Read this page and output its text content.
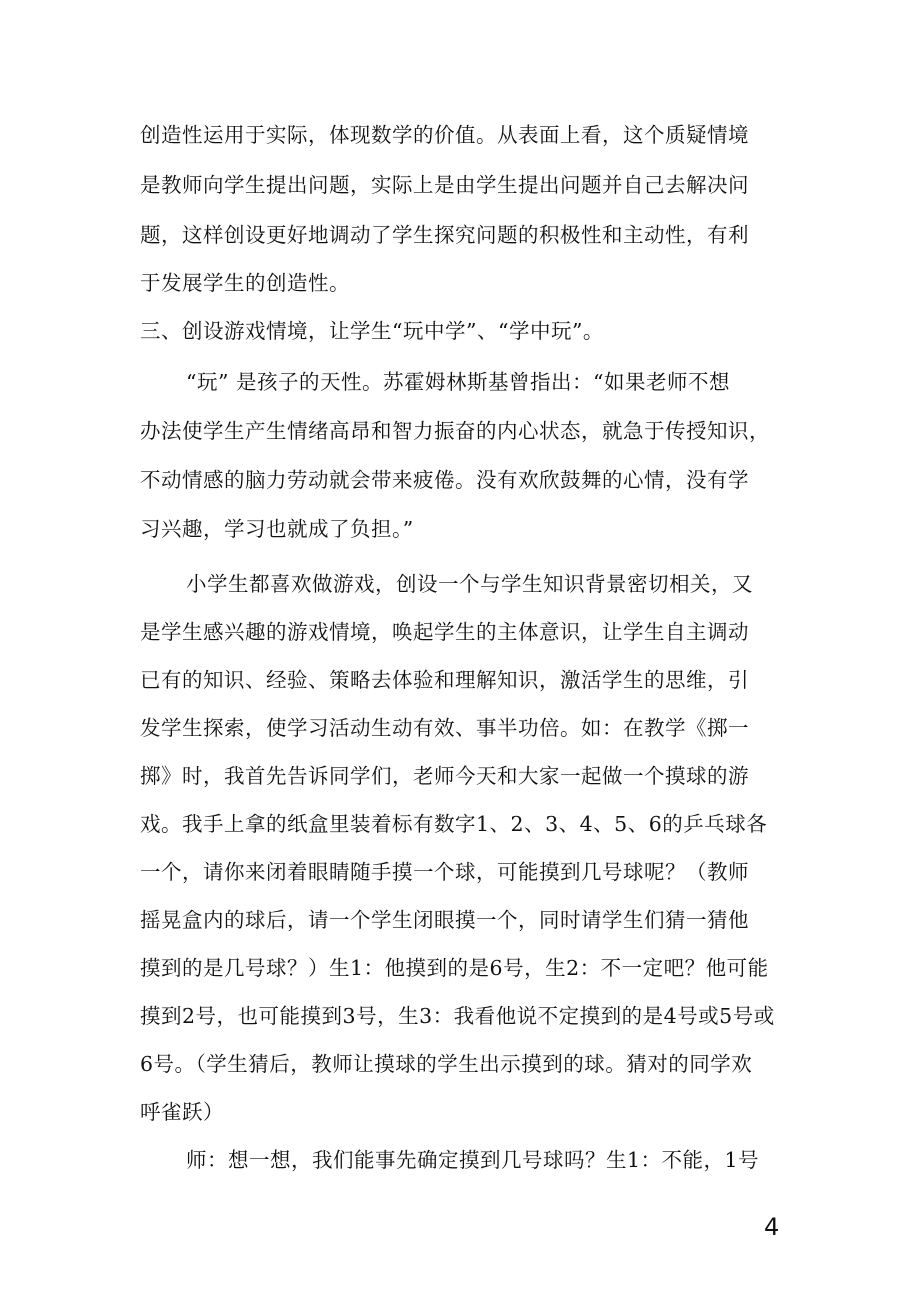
创造性运用于实际，体现数学的价值。从表面上看，这个质疑情境
是教师向学生提出问题，实际上是由学生提出问题并自己去解决问
题，这样创设更好地调动了学生探究问题的积极性和主动性，有利
于发展学生的创造性。
三、创设游戏情境，让学生“玩中学”、“学中玩”。
“玩” 是孩子的天性。苏霍姆林斯基曾指出：“如果老师不想
办法使学生产生情绪高昂和智力振奋的内心状态，就急于传授知识，
不动情感的脑力劳动就会带来疲倦。没有欢欣鼓舞的心情，没有学
习兴趣，学习也就成了负担。”
小学生都喜欢做游戏，创设一个与学生知识背景密切相关，又
是学生感兴趣的游戏情境，唤起学生的主体意识，让学生自主调动
已有的知识、经验、策略去体验和理解知识，激活学生的思维，引
发学生探索，使学习活动生动有效、事半功倍。如：在教学《掷一
掷》时，我首先告诉同学们，老师今天和大家一起做一个摸球的游
戏。我手上拿的纸盒里装着标有数字1、2、3、4、5、6的乒乓球各
一个，请你来闭着眼睛随手摸一个球，可能摸到几号球呢？（教师
摇晃盒内的球后，请一个学生闭眼摸一个，同时请学生们猜一猜他
摸到的是几号球？）生1：他摸到的是6号，生2：不一定吧？他可能
摸到2号，也可能摸到3号，生3：我看他说不定摸到的是4号或5号或
6号。（学生猜后，教师让摸球的学生出示摸到的球。猜对的同学欢
呼雀跃）
师：想一想，我们能事先确定摸到几号球吗？生1：不能，1号
4
